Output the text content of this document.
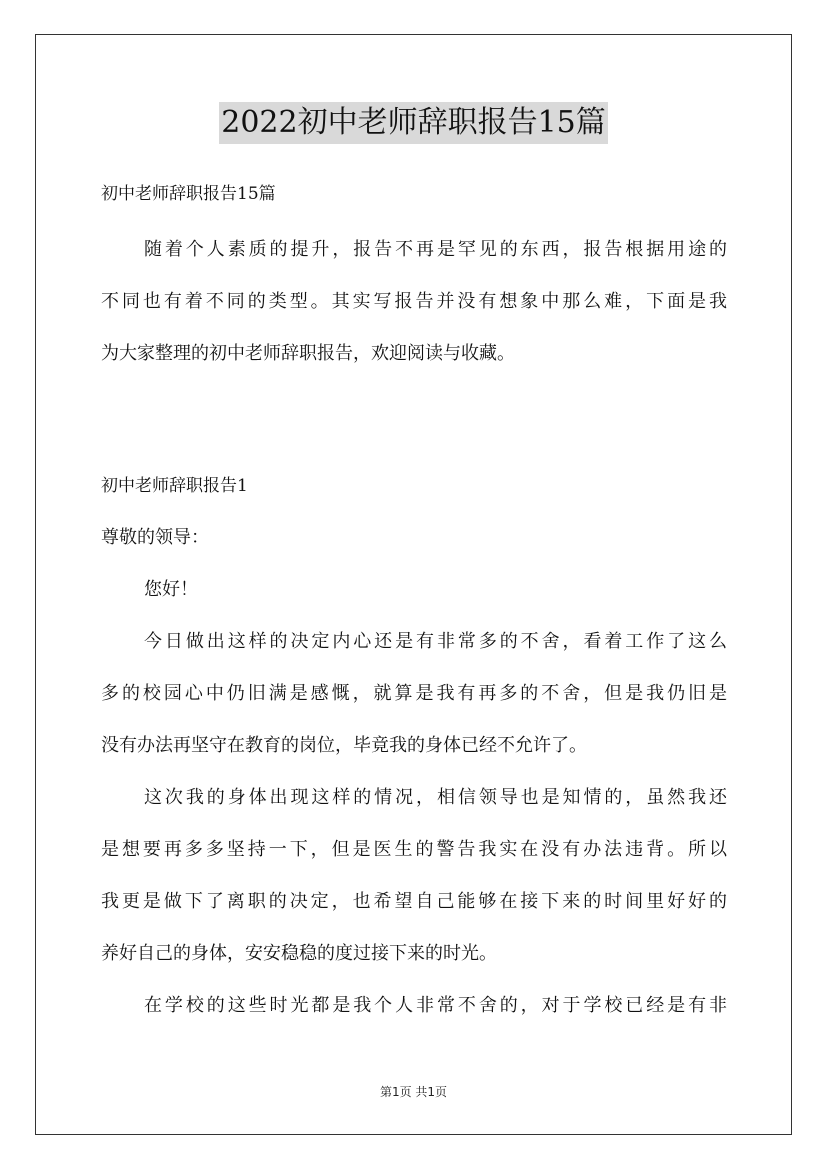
2022初中老师辞职报告15篇
初中老师辞职报告15篇
随着个人素质的提升，报告不再是罕见的东西，报告根据用途的
不同也有着不同的类型。其实写报告并没有想象中那么难，下面是我
为大家整理的初中老师辞职报告，欢迎阅读与收藏。
初中老师辞职报告1
尊敬的领导：
您好！
今日做出这样的决定内心还是有非常多的不舍，看着工作了这么
多的校园心中仍旧满是感慨，就算是我有再多的不舍，但是我仍旧是
没有办法再坚守在教育的岗位，毕竟我的身体已经不允许了。
这次我的身体出现这样的情况，相信领导也是知情的，虽然我还
是想要再多多坚持一下，但是医生的警告我实在没有办法违背。所以
我更是做下了离职的决定，也希望自己能够在接下来的时间里好好的
养好自己的身体，安安稳稳的度过接下来的时光。
在学校的这些时光都是我个人非常不舍的，对于学校已经是有非
第1页 共1页
